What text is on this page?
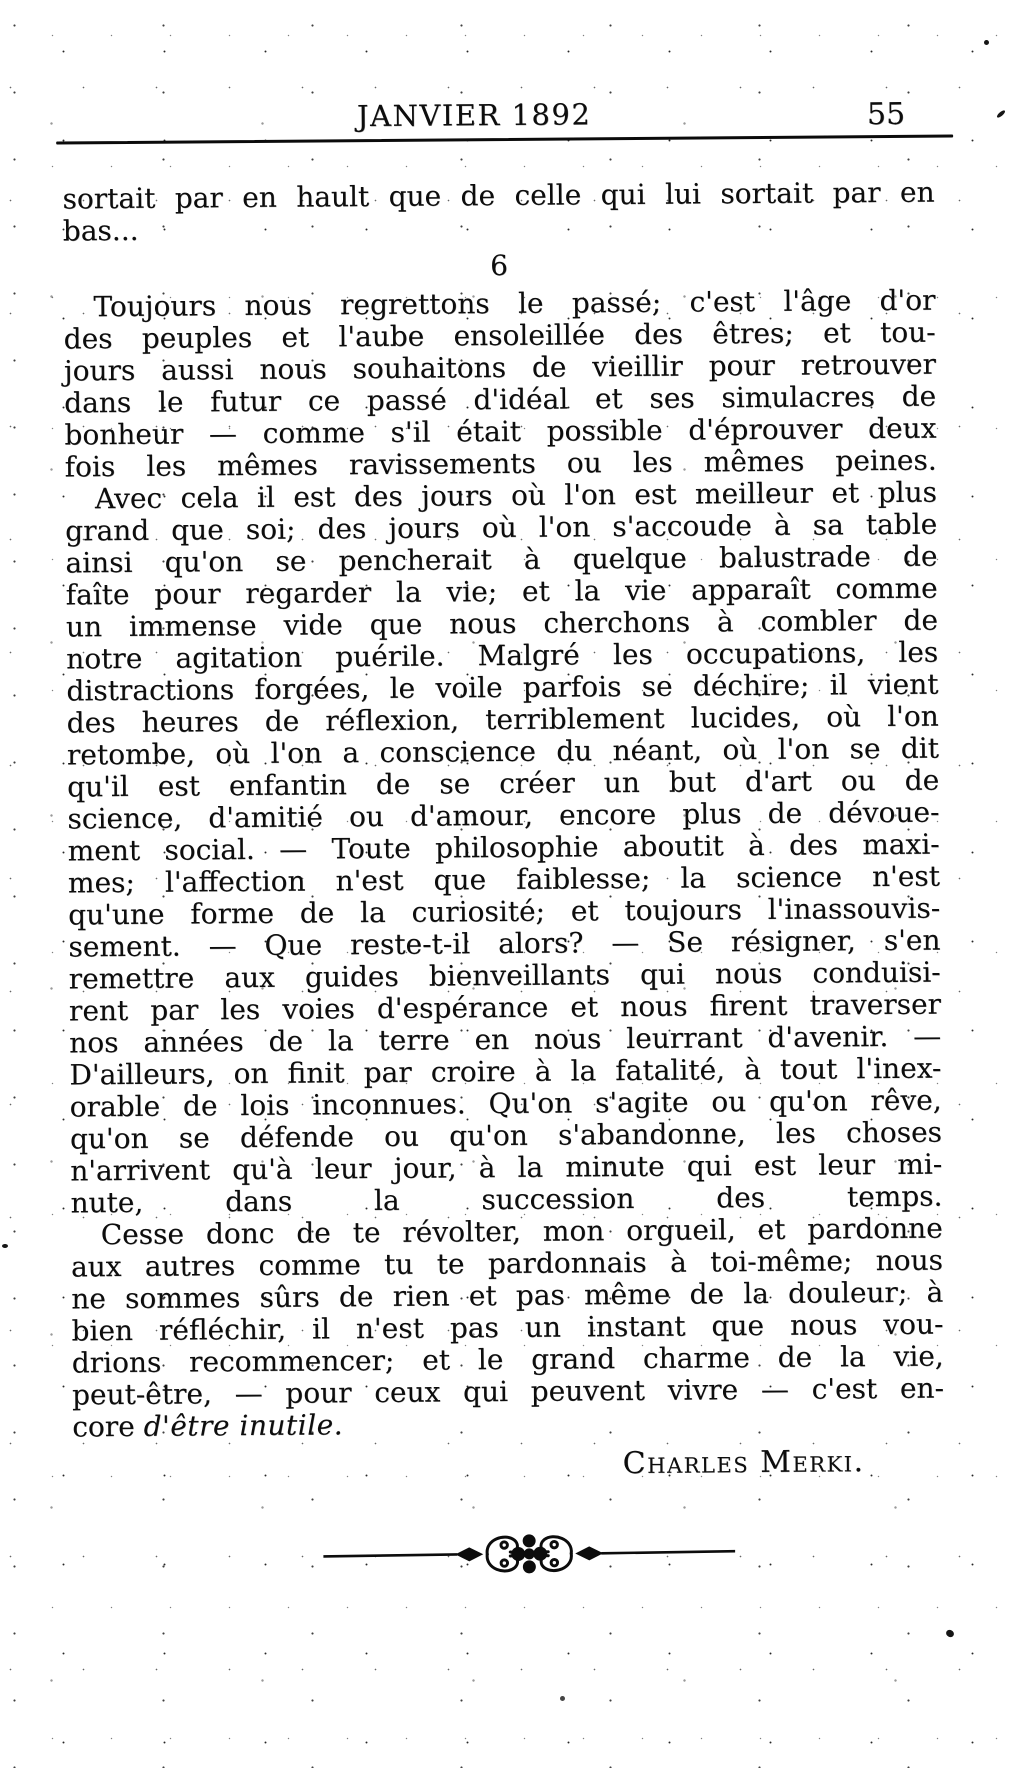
JANVIER 1892	55
sortait par en hault que de celle qui lui sortait par en
bas...
6
Toujours nous regrettons le passé; c'est l'âge d'or
des peuples et l'aube ensoleillée des êtres; et tou-
jours aussi nous souhaitons de vieillir pour retrouver
dans le futur ce passé d'idéal et ses simulacres de
bonheur — comme s'il était possible d'éprouver deux
fois les mêmes ravissements ou les mêmes peines.
Avec cela il est des jours où l'on est meilleur et plus
grand que soi; des jours où l'on s'accoude à sa table
ainsi qu'on se pencherait à quelque balustrade de
faîte pour regarder la vie; et la vie apparaît comme
un immense vide que nous cherchons à combler de
notre agitation puérile. Malgré les occupations, les
distractions forgées, le voile parfois se déchire; il vient
des heures de réflexion, terriblement lucides, où l'on
retombe, où l'on a conscience du néant, où l'on se dit
qu'il est enfantin de se créer un but d'art ou de
science, d'amitié ou d'amour, encore plus de dévoue-
ment social. — Toute philosophie aboutit à des maxi-
mes; l'affection n'est que faiblesse; la science n'est
qu'une forme de la curiosité; et toujours l'inassouvis-
sement. — Que reste-t-il alors? — Se résigner, s'en
remettre aux guides bienveillants qui nous conduisi-
rent par les voies d'espérance et nous firent traverser
nos années de la terre en nous leurrant d'avenir. —
D'ailleurs, on finit par croire à la fatalité, à tout l'inex-
orable de lois inconnues. Qu'on s'agite ou qu'on rêve,
qu'on se défende ou qu'on s'abandonne, les choses
n'arrivent qu'à leur jour, à la minute qui est leur mi-
nute, dans la succession des temps.
Cesse donc de te révolter, mon orgueil, et pardonne
aux autres comme tu te pardonnais à toi-même; nous
ne sommes sûrs de rien et pas même de la douleur; à
bien réfléchir, il n'est pas un instant que nous vou-
drions recommencer; et le grand charme de la vie,
peut-être, — pour ceux qui peuvent vivre — c'est en-
core d'être inutile.
Charles Merki.
